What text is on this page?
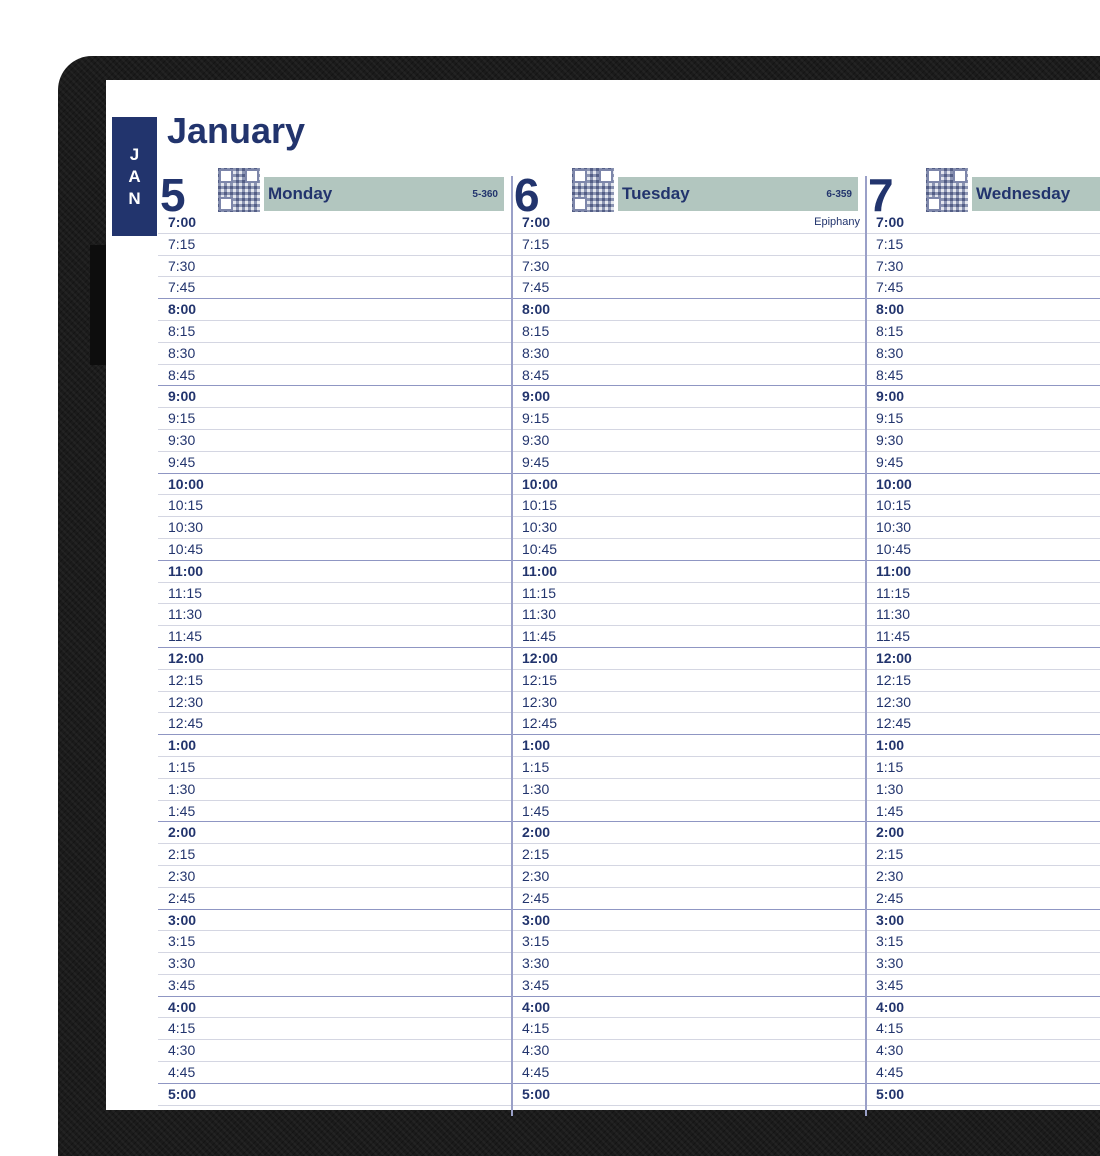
J
A
N
January
5	Monday	5-360
7:00
7:15
7:30
7:45
8:00
8:15
8:30
8:45
9:00
9:15
9:30
9:45
10:00
10:15
10:30
10:45
11:00
11:15
11:30
11:45
12:00
12:15
12:30
12:45
1:00
1:15
1:30
1:45
2:00
2:15
2:30
2:45
3:00
3:15
3:30
3:45
4:00
4:15
4:30
4:45
5:00
6	Tuesday	6-359
Epiphany
7:00
7:15
7:30
7:45
8:00
8:15
8:30
8:45
9:00
9:15
9:30
9:45
10:00
10:15
10:30
10:45
11:00
11:15
11:30
11:45
12:00
12:15
12:30
12:45
1:00
1:15
1:30
1:45
2:00
2:15
2:30
2:45
3:00
3:15
3:30
3:45
4:00
4:15
4:30
4:45
5:00
7	Wednesday
7:00
7:15
7:30
7:45
8:00
8:15
8:30
8:45
9:00
9:15
9:30
9:45
10:00
10:15
10:30
10:45
11:00
11:15
11:30
11:45
12:00
12:15
12:30
12:45
1:00
1:15
1:30
1:45
2:00
2:15
2:30
2:45
3:00
3:15
3:30
3:45
4:00
4:15
4:30
4:45
5:00
